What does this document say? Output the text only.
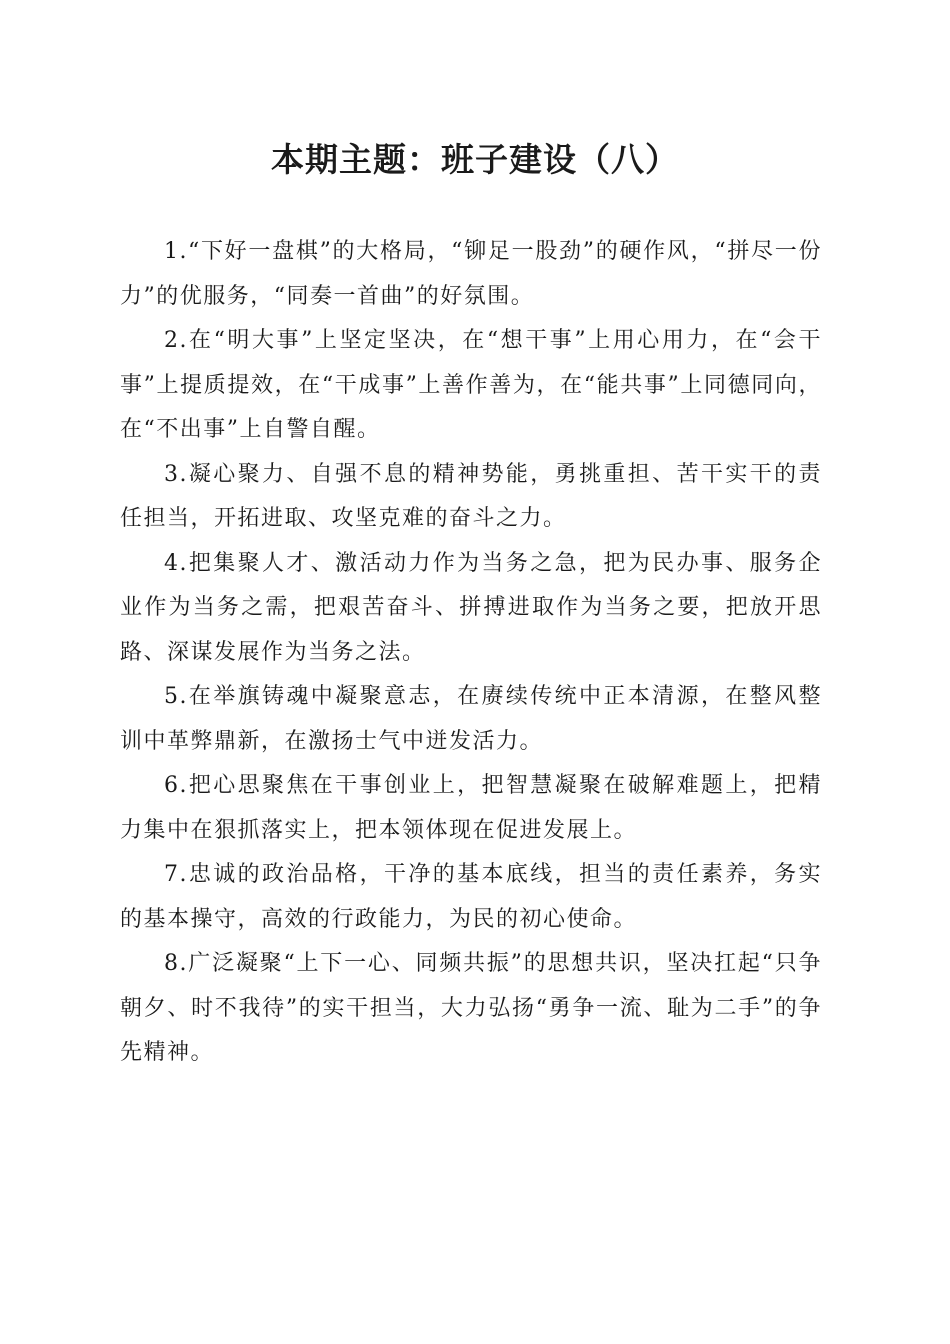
本期主题：班子建设（八）

1.“下好一盘棋”的大格局，“铆足一股劲”的硬作风，“拼尽一份力”的优服务，“同奏一首曲”的好氛围。

2.在“明大事”上坚定坚决，在“想干事”上用心用力，在“会干事”上提质提效，在“干成事”上善作善为，在“能共事”上同德同向，在“不出事”上自警自醒。

3.凝心聚力、自强不息的精神势能，勇挑重担、苦干实干的责任担当，开拓进取、攻坚克难的奋斗之力。

4.把集聚人才、激活动力作为当务之急，把为民办事、服务企业作为当务之需，把艰苦奋斗、拼搏进取作为当务之要，把放开思路、深谋发展作为当务之法。

5.在举旗铸魂中凝聚意志，在赓续传统中正本清源，在整风整训中革弊鼎新，在激扬士气中迸发活力。

6.把心思聚焦在干事创业上，把智慧凝聚在破解难题上，把精力集中在狠抓落实上，把本领体现在促进发展上。

7.忠诚的政治品格，干净的基本底线，担当的责任素养，务实的基本操守，高效的行政能力，为民的初心使命。

8.广泛凝聚“上下一心、同频共振”的思想共识，坚决扛起“只争朝夕、时不我待”的实干担当，大力弘扬“勇争一流、耻为二手”的争先精神。
